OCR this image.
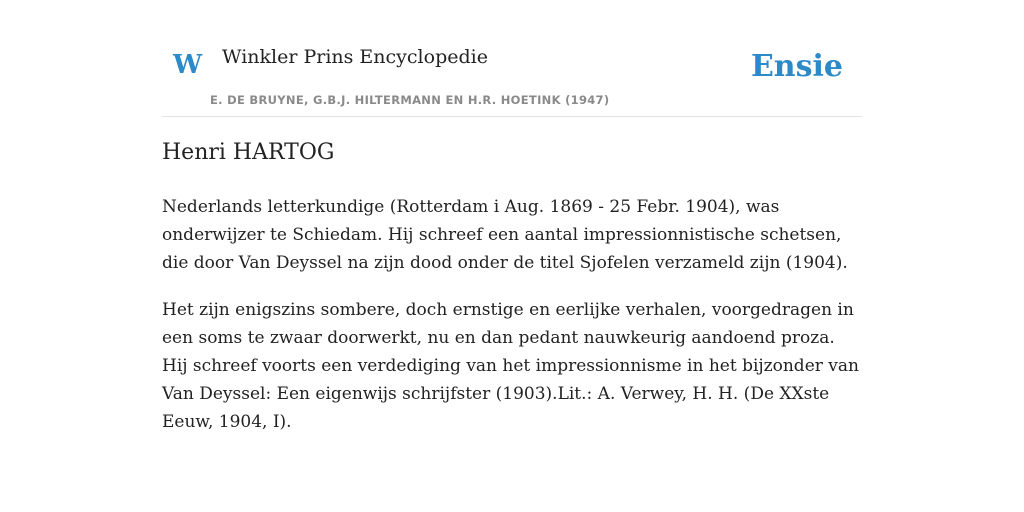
W Winkler Prins Encyclopedie
E. DE BRUYNE, G.B.J. HILTERMANN EN H.R. HOETINK (1947)
Ensie
Henri HARTOG

Nederlands letterkundige (Rotterdam i Aug. 1869 - 25 Febr. 1904), was onderwijzer te Schiedam. Hij schreef een aantal impressionnistische schetsen, die door Van Deyssel na zijn dood onder de titel Sjofelen verzameld zijn (1904).

Het zijn enigszins sombere, doch ernstige en eerlijke verhalen, voorgedragen in een soms te zwaar doorwerkt, nu en dan pedant nauwkeurig aandoend proza. Hij schreef voorts een verdediging van het impressionnisme in het bijzonder van Van Deyssel: Een eigenwijs schrijfster (1903).Lit.: A. Verwey, H. H. (De XXste Eeuw, 1904, I).
